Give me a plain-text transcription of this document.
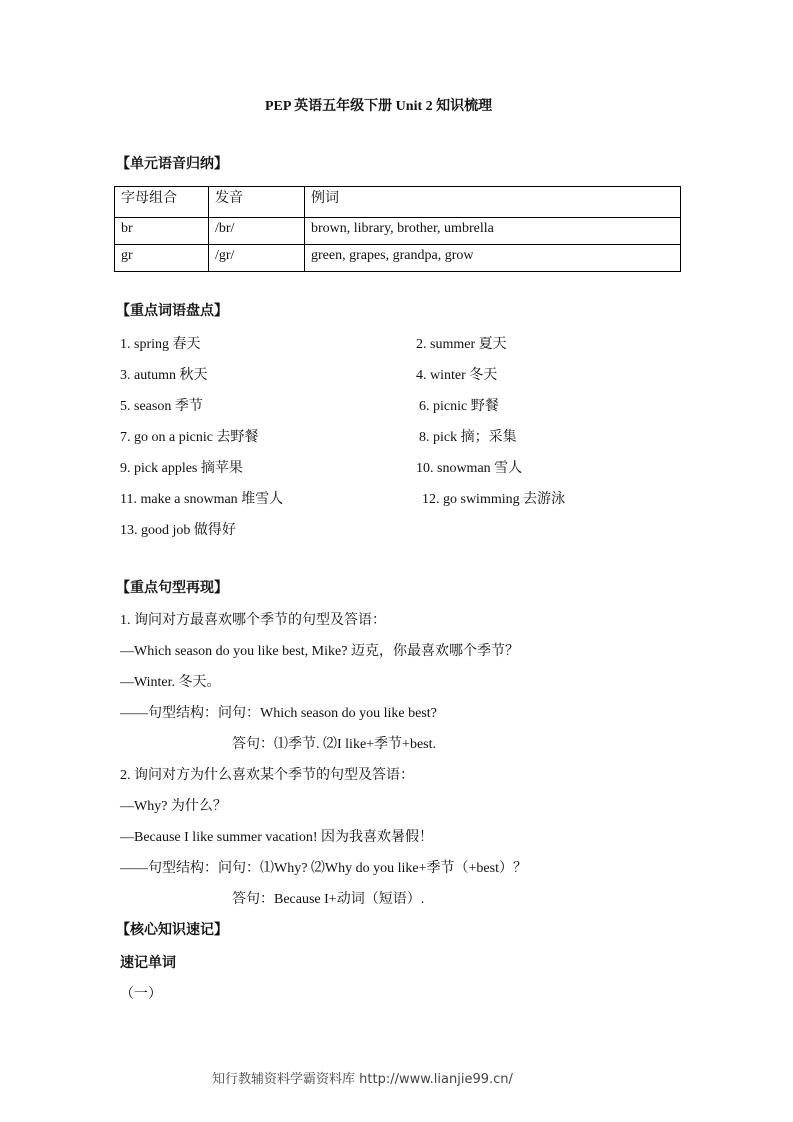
PEP 英语五年级下册 Unit 2 知识梳理
【单元语音归纳】
字母组合	发音	例词
br	/br/	brown, library, brother, umbrella
gr	/gr/	green, grapes, grandpa, grow
【重点词语盘点】
1. spring 春天	2. summer 夏天
3. autumn 秋天	4. winter 冬天
5. season 季节	6. picnic 野餐
7. go on a picnic 去野餐	8. pick 摘；采集
9. pick apples 摘苹果	10. snowman 雪人
11. make a snowman 堆雪人	12. go swimming 去游泳
13. good job 做得好
【重点句型再现】
1. 询问对方最喜欢哪个季节的句型及答语：
—Which season do you like best, Mike? 迈克，你最喜欢哪个季节？
—Winter. 冬天。
——句型结构：问句：Which season do you like best?
答句：⑴季节. ⑵I like+季节+best.
2. 询问对方为什么喜欢某个季节的句型及答语：
—Why? 为什么？
—Because I like summer vacation! 因为我喜欢暑假！
——句型结构：问句：⑴Why? ⑵Why do you like+季节（+best）？
答句：Because I+动词（短语）.
【核心知识速记】
速记单词
（一）
知行教辅资料学霸资料库 http://www.lianjie99.cn/
